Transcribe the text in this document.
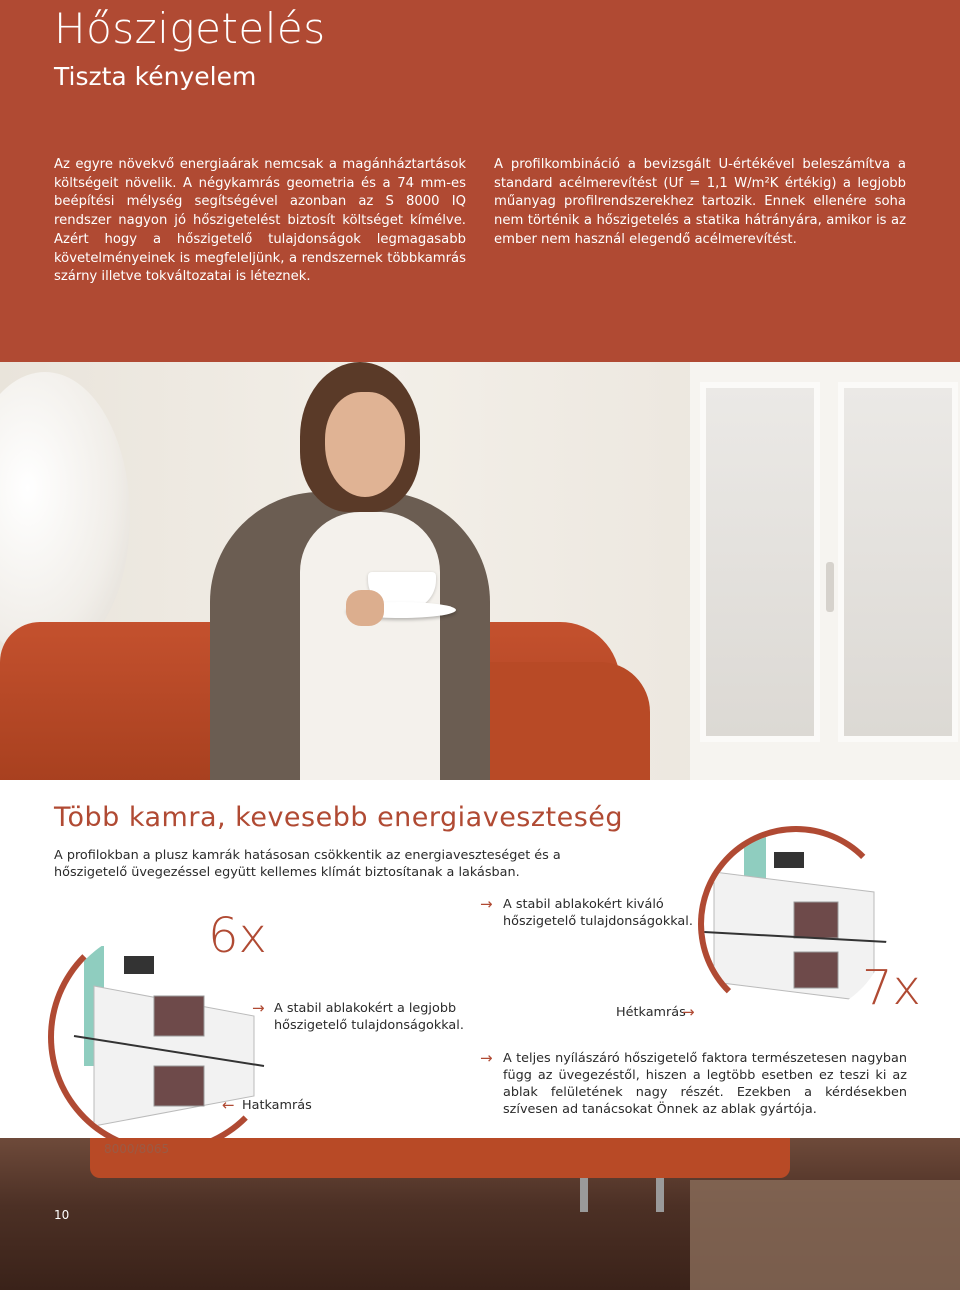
Hőszigetelés
Tiszta kényelem

Az egyre növekvő energiaárak nemcsak a magánháztartások költségeit növelik. A négykamrás geometria és a 74 mm-es beépítési mélység segítségével azonban az S 8000 IQ rendszer nagyon jó hőszigetelést biztosít költséget kímélve. Azért hogy a hőszigetelő tulajdonságok legmagasabb követelményeinek is megfeleljünk, a rendszernek többkamrás szárny illetve tokváltozatai is léteznek.

A profilkombináció a bevizsgált U-értékével beleszámítva a standard acélmerevítést (Uf = 1,1 W/m²K értékig) a legjobb műanyag profilrendszerekhez tartozik. Ennek ellenére soha nem történik a hőszigetelés a statika hátrányára, amikor is az ember nem használ elegendő acélmerevítést.

Több kamra, kevesebb energiaveszteség

A profilokban a plusz kamrák hatásosan csökkentik az energiaveszteséget és a hőszigetelő üvegezéssel együtt kellemes klímát biztosítanak a lakásban.

6x
7x
→ A stabil ablakokért a legjobb hőszigetelő tulajdonságokkal.

→ A stabil ablakokért kiváló hőszigetelő tulajdonságokkal.

← Hatkamrás
Hétkamrás
→
→ A teljes nyílászáró hőszigetelő faktora természetesen nagyban függ az üvegezéstől, hiszen a legtöbb esetben ez teszi ki az ablak felületének nagy részét. Ezekben a kérdésekben szívesen ad tanácsokat Önnek az ablak gyártója.

8000/8065
10
